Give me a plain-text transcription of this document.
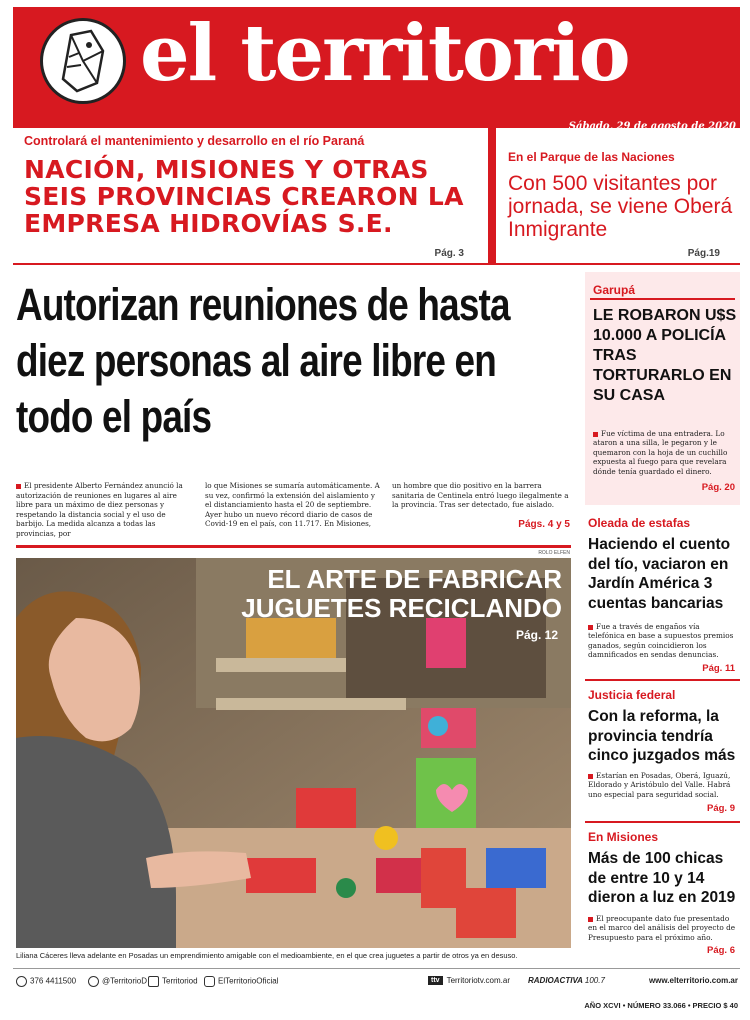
el territorio
Sábado, 29 de agosto de 2020
Posadas, Misiones, Argentina
Controlará el mantenimiento y desarrollo en el río Paraná
NACIÓN, MISIONES Y OTRAS SEIS PROVINCIAS CREARON LA EMPRESA HIDROVÍAS S.E.
Pág. 3
En el Parque de las Naciones
Con 500 visitantes por jornada, se viene Oberá Inmigrante
Pág.19
Autorizan reuniones de hasta diez personas al aire libre en todo el país
El presidente Alberto Fernández anunció la autorización de reuniones en lugares al aire libre para un máximo de diez personas y respetando la distancia social y el uso de barbijo. La medida alcanza a todas las provincias, por
lo que Misiones se sumaría automáticamente. A su vez, confirmó la extensión del aislamiento y el distanciamiento hasta el 20 de septiembre. Ayer hubo un nuevo récord diario de casos de Covid-19 en el país, con 11.717. En Misiones,
un hombre que dio positivo en la barrera sanitaria de Centinela entró luego ilegalmente a la provincia. Tras ser detectado, fue aislado.
Págs. 4 y 5
ROLO ELFEN
EL ARTE DE FABRICAR JUGUETES RECICLANDO
Pág. 12
Liliana Cáceres lleva adelante en Posadas un emprendimiento amigable con el medioambiente, en el que crea juguetes a partir de otros ya en desuso.
Garupá
LE ROBARON U$S 10.000 A POLICÍA TRAS TORTURARLO EN SU CASA
Fue víctima de una entradera. Lo ataron a una silla, le pegaron y le quemaron con la hoja de un cuchillo expuesta al fuego para que revelara dónde tenía guardado el dinero.
Pág. 20
Oleada de estafas
Haciendo el cuento del tío, vaciaron en Jardín América 3 cuentas bancarias
Fue a través de engaños vía telefónica en base a supuestos premios ganados, según coincidieron los damnificados en sendas denuncias.
Pág. 11
Justicia federal
Con la reforma, la provincia tendría cinco juzgados más
Estarían en Posadas, Oberá, Iguazú, Eldorado y Aristóbulo del Valle. Habrá uno especial para seguridad social.
Pág. 9
En Misiones
Más de 100 chicas de entre 10 y 14 dieron a luz en 2019
El preocupante dato fue presentado en el marco del análisis del proyecto de Presupuesto para el próximo año.
Pág. 6
376 4411500	@TerritorioD	Territoriod	ElTerritorioOficial	ttv Territoriotv.com.ar RADIOACTIVA 100.7	www.elterritorio.com.ar
AÑO XCVI • NÚMERO 33.066 • PRECIO $ 40
